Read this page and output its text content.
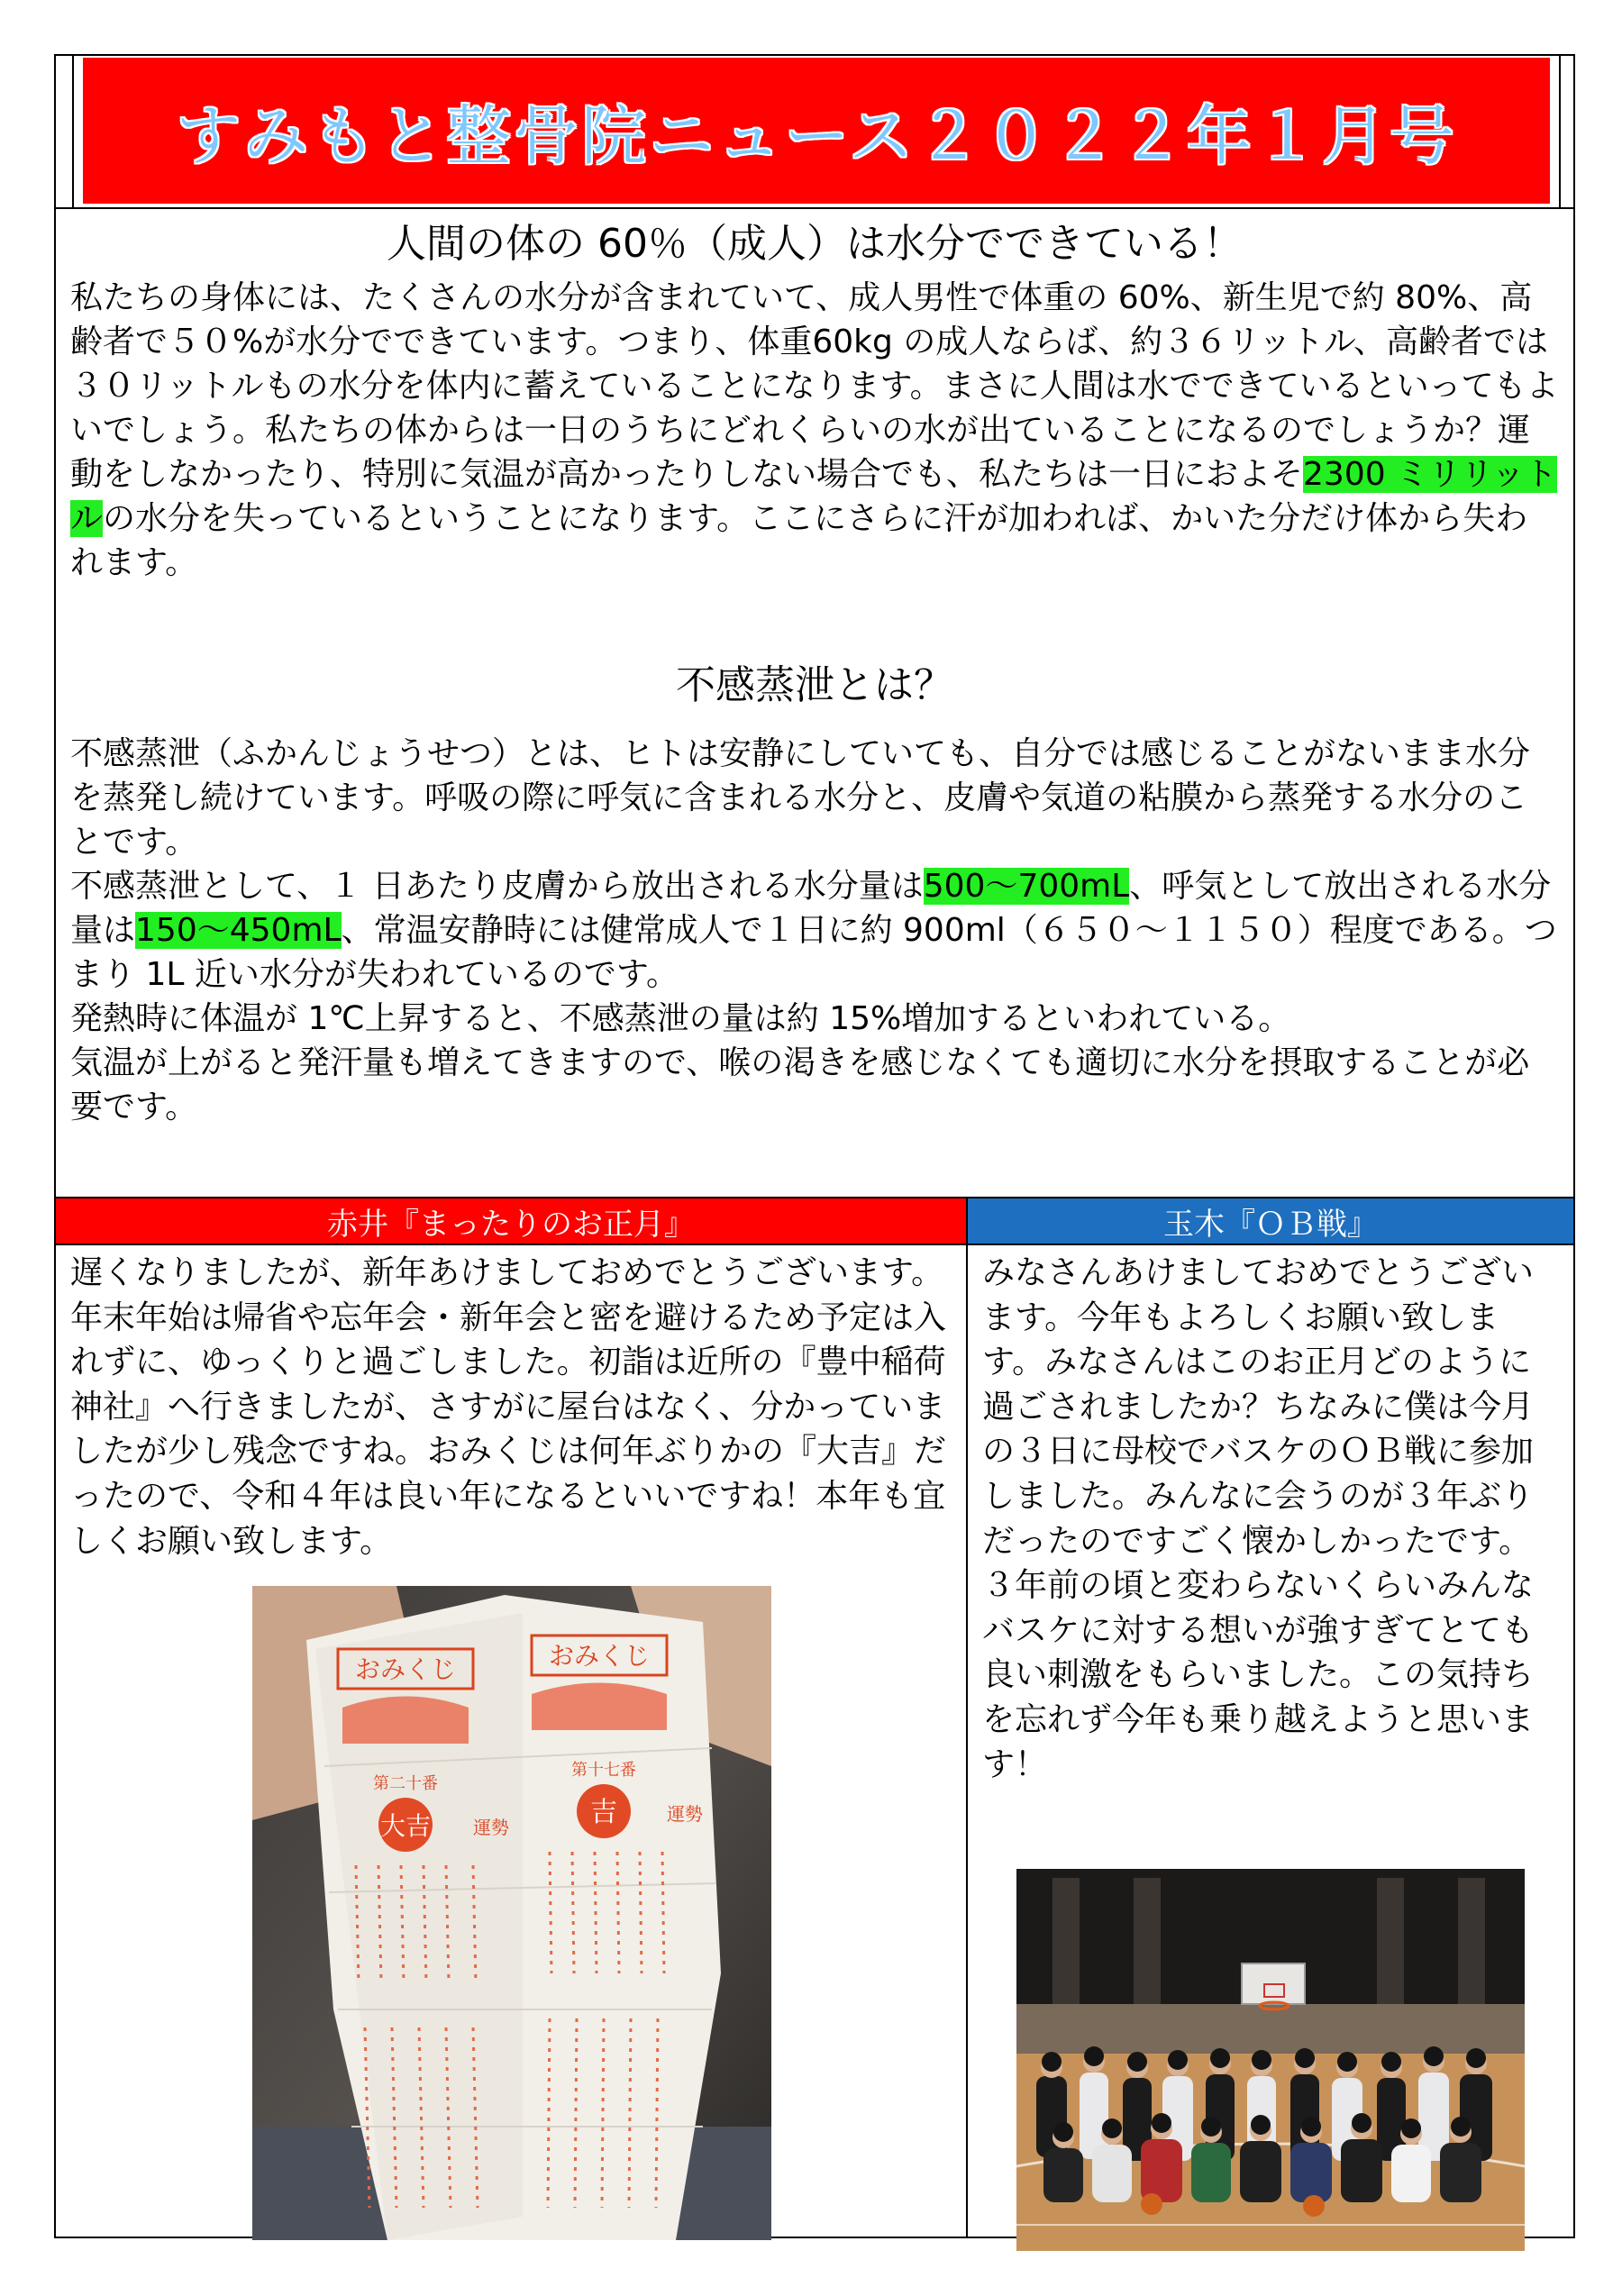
すみもと整骨院ニュース２０２２年１月号
人間の体の 60％（成人）は水分でできている！

私たちの身体には、たくさんの水分が含まれていて、成人男性で体重の 60%、新生児で約 80%、高齢者で５０%が水分でできています。つまり、体重60kg の成人ならば、約３６リットル、高齢者では３０リットルもの水分を体内に蓄えていることになります。まさに人間は水でできているといってもよいでしょう。私たちの体からは一日のうちにどれくらいの水が出ていることになるのでしょうか？運動をしなかったり、特別に気温が高かったりしない場合でも、私たちは一日におよそ2300 ミリリットルの水分を失っているということになります。ここにさらに汗が加われば、かいた分だけ体から失われます。

不感蒸泄とは？

不感蒸泄（ふかんじょうせつ）とは、ヒトは安静にしていても、自分では感じることがないまま水分を蒸発し続けています。呼吸の際に呼気に含まれる水分と、皮膚や気道の粘膜から蒸発する水分のことです。

不感蒸泄として、１ 日あたり皮膚から放出される水分量は500～700mL、呼気として放出される水分量は150～450mL、常温安静時には健常成人で１日に約 900ml（６５０～１１５０）程度である。つまり 1L 近い水分が失われているのです。

発熱時に体温が 1℃上昇すると、不感蒸泄の量は約 15%増加するといわれている。

気温が上がると発汗量も増えてきますので、喉の渇きを感じなくても適切に水分を摂取することが必要です。

赤井『まったりのお正月』	玉木『ＯＢ戦』

遅くなりましたが、新年あけましておめでとうございます。年末年始は帰省や忘年会・新年会と密を避けるため予定は入れずに、ゆっくりと過ごしました。初詣は近所の『豊中稲荷神社』へ行きましたが、さすがに屋台はなく、分かっていましたが少し残念ですね。おみくじは何年ぶりかの『大吉』だったので、令和４年は良い年になるといいですね！本年も宜しくお願い致します。

みなさんあけましておめでとうございます。今年もよろしくお願い致します。みなさんはこのお正月どのように過ごされましたか？ちなみに僕は今月の３日に母校でバスケのＯＢ戦に参加しました。みんなに会うのが３年ぶりだったのですごく懐かしかったです。３年前の頃と変わらないくらいみんなバスケに対する想いが強すぎてとても良い刺激をもらいました。この気持ちを忘れず今年も乗り越えようと思います！

おみくじ	おみくじ
第二十番
第十七番
大吉	吉
運勢
運勢
